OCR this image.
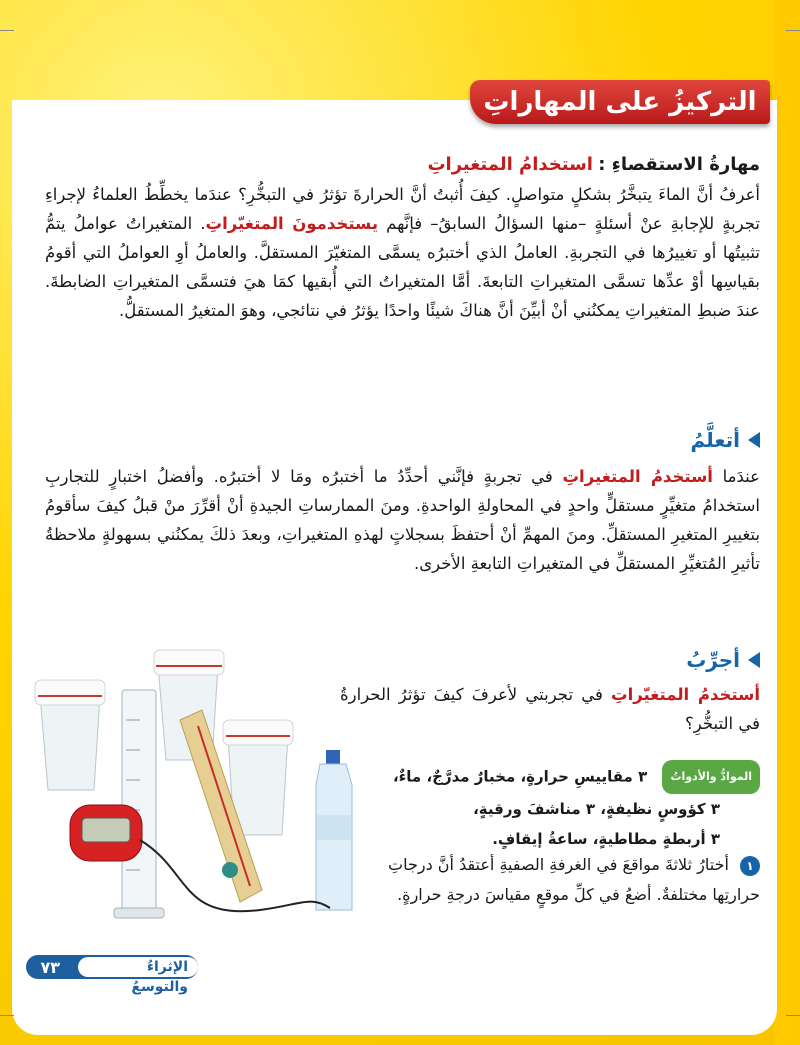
التركيزُ على المهاراتِ
مهارةُ الاستقصاءِ : استخدامُ المتغيراتِ
أعرفُ أنَّ الماءَ يتبخَّرُ بشكلٍ متواصلٍ. كيفَ أُثبتُ أنَّ الحرارةَ تؤثرُ في التبخُّرِ؟ عندَما يخطِّطُ العلماءُ لإجراءِ تجربةٍ للإجابةِ عنْ أسئلةٍ –منها السؤالُ السابقُ– فإنَّهم يستخدمونَ المتغيّراتِ. المتغيراتُ عواملُ يتمُّ تثبيتُها أو تغييرُها في التجربةِ. العاملُ الذي أختبرُه يسمَّى المتغيّرَ المستقلَّ. والعاملُ أوِ العواملُ التي أقومُ بقياسِها أوْ عدِّها تسمَّى المتغيراتِ التابعةَ. أمَّا المتغيراتُ التي أُبقيها كمَا هيَ فتسمَّى المتغيراتِ الضابطةَ. عندَ ضبطِ المتغيراتِ يمكنُني أنْ أبيِّنَ أنَّ هناكَ شيئًا واحدًا يؤثرُ في نتائجي، وهوَ المتغيرُ المستقلُّ.
أتعلَّمُ
عندَما أستخدمُ المتغيراتِ في تجربةٍ فإنَّني أحدِّدُ ما أختبرُه ومَا لا أختبرُه. وأفضلُ اختبارٍ للتجاربِ استخدامُ متغيِّرٍ مستقلٍّ واحدٍ في المحاولةِ الواحدةِ. ومنَ الممارساتِ الجيدةِ أنْ أقرِّرَ منْ قبلُ كيفَ سأقومُ بتغييرِ المتغيرِ المستقلِّ. ومنَ المهمِّ أنْ أحتفظَ بسجلاتٍ لهذهِ المتغيراتِ، وبعدَ ذلكَ يمكنُني بسهولةٍ ملاحظةُ تأثيرِ المُتغيِّرِ المستقلِّ في المتغيراتِ التابعةِ الأخرى.
أجرِّبُ
أستخدمُ المتغيّراتِ في تجربتي لأعرفَ كيفَ تؤثرُ الحرارةُ في التبخُّرِ؟
الموادُّ والأدواتُ ٣ مقاييسِ حرارةٍ، مخبارٌ مدرَّجٌ، ماءٌ،
٣ كؤوسٍ نظيفةٍ، ٣ مناشفَ ورقيةٍ،
٣ أربطةٍ مطاطيةٍ، ساعةُ إيقافٍ.
١ أختارُ ثلاثةَ مواقعَ في الغرفةِ الصفيةِ أعتقدُ أنَّ درجاتِ حرارتِها مختلفةٌ. أضعُ في كلِّ موقعٍ مقياسَ درجةِ حرارةٍ.
٧٣	الإثراءُ والتوسعُ
